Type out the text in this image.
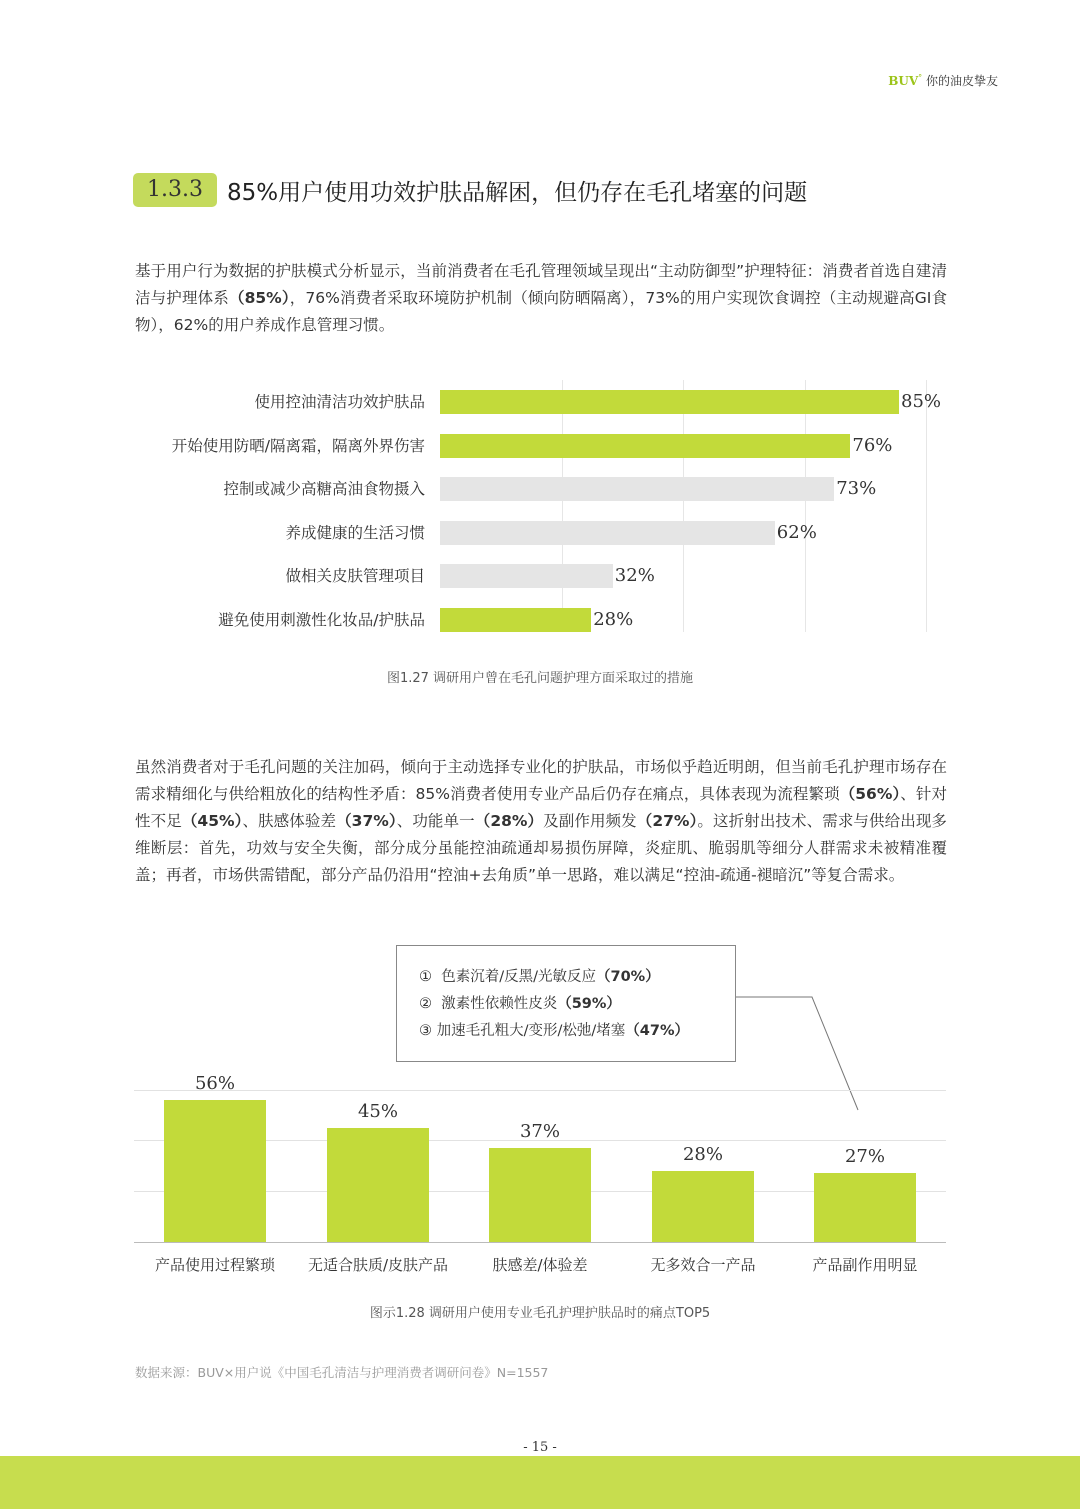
BUV° 你的油皮挚友
1.3.3	85%用户使用功效护肤品解困，但仍存在毛孔堵塞的问题

基于用户行为数据的护肤模式分析显示，当前消费者在毛孔管理领域呈现出“主动防御型”护理特征：消费者首选自建清洁与护理体系（85%），76%消费者采取环境防护机制（倾向防晒隔离），73%的用户实现饮食调控（主动规避高GI食物），62%的用户养成作息管理习惯。

使用控油清洁功效护肤品	85%
开始使用防晒/隔离霜，隔离外界伤害	76%
控制或减少高糖高油食物摄入	73%
养成健康的生活习惯	62%
做相关皮肤管理项目	32%
避免使用刺激性化妆品/护肤品	28%
图1.27 调研用户曾在毛孔问题护理方面采取过的措施

虽然消费者对于毛孔问题的关注加码，倾向于主动选择专业化的护肤品，市场似乎趋近明朗，但当前毛孔护理市场存在需求精细化与供给粗放化的结构性矛盾：85%消费者使用专业产品后仍存在痛点，具体表现为流程繁琐（56%）、针对性不足（45%）、肤感体验差（37%）、功能单一（28%）及副作用频发（27%）。这折射出技术、需求与供给出现多维断层：首先，功效与安全失衡，部分成分虽能控油疏通却易损伤屏障，炎症肌、脆弱肌等细分人群需求未被精准覆盖；再者，市场供需错配，部分产品仍沿用“控油+去角质”单一思路，难以满足“控油-疏通-褪暗沉”等复合需求。

① 色素沉着/反黑/光敏反应（70%）
② 激素性依赖性皮炎（59%）
③ 加速毛孔粗大/变形/松弛/堵塞（47%）
56%
产品使用过程繁琐
45%
无适合肤质/皮肤产品
37%
肤感差/体验差
28%
无多效合一产品
27%
产品副作用明显
图示1.28 调研用户使用专业毛孔护理护肤品时的痛点TOP5
数据来源：BUV×用户说《中国毛孔清洁与护理消费者调研问卷》N=1557
- 15 -
